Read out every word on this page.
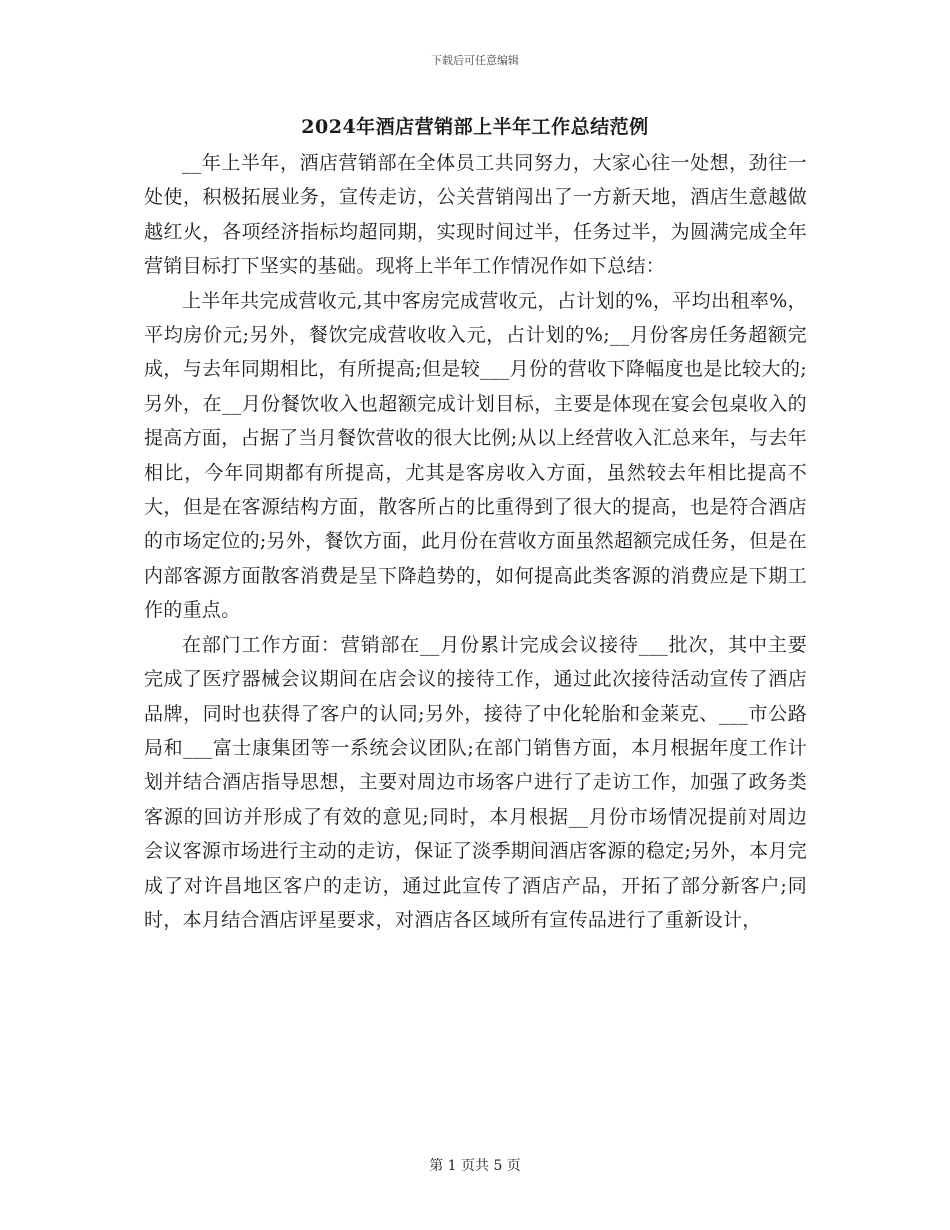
下载后可任意编辑
2024年酒店营销部上半年工作总结范例

__年上半年，酒店营销部在全体员工共同努力，大家心往一处想，劲往一处使，积极拓展业务，宣传走访，公关营销闯出了一方新天地，酒店生意越做越红火，各项经济指标均超同期，实现时间过半，任务过半，为圆满完成全年营销目标打下坚实的基础。现将上半年工作情况作如下总结：

上半年共完成营收元,其中客房完成营收元，占计划的%，平均出租率%，平均房价元;另外，餐饮完成营收收入元，占计划的%;__月份客房任务超额完成，与去年同期相比，有所提高;但是较___月份的营收下降幅度也是比较大的;另外，在__月份餐饮收入也超额完成计划目标，主要是体现在宴会包桌收入的提高方面，占据了当月餐饮营收的很大比例;从以上经营收入汇总来年，与去年相比，今年同期都有所提高，尤其是客房收入方面，虽然较去年相比提高不大，但是在客源结构方面，散客所占的比重得到了很大的提高，也是符合酒店的市场定位的;另外，餐饮方面，此月份在营收方面虽然超额完成任务，但是在内部客源方面散客消费是呈下降趋势的，如何提高此类客源的消费应是下期工作的重点。

在部门工作方面：营销部在__月份累计完成会议接待___批次，其中主要完成了医疗器械会议期间在店会议的接待工作，通过此次接待活动宣传了酒店品牌，同时也获得了客户的认同;另外，接待了中化轮胎和金莱克、___市公路局和___富士康集团等一系统会议团队;在部门销售方面，本月根据年度工作计划并结合酒店指导思想，主要对周边市场客户进行了走访工作，加强了政务类客源的回访并形成了有效的意见;同时，本月根据__月份市场情况提前对周边会议客源市场进行主动的走访，保证了淡季期间酒店客源的稳定;另外，本月完成了对许昌地区客户的走访，通过此宣传了酒店产品，开拓了部分新客户;同时，本月结合酒店评星要求，对酒店各区域所有宣传品进行了重新设计，

第 1 页共 5 页
